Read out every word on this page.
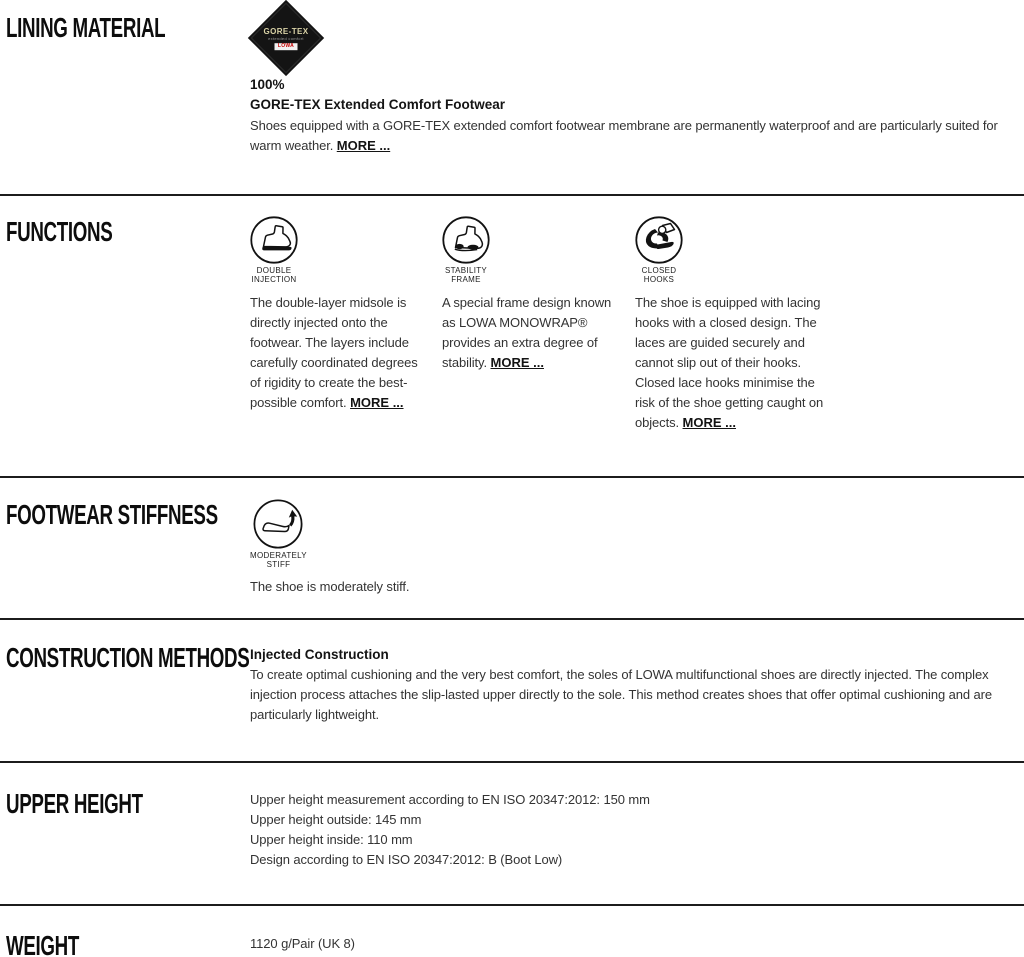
LINING MATERIAL	GORE-TEX
extended comfort
LOWA
100%
GORE-TEX Extended Comfort Footwear

Shoes equipped with a GORE-TEX extended comfort footwear membrane are permanently waterproof and are particularly suited for warm weather. MORE ...

FUNCTIONS
DOUBLE
INJECTION

The double-layer midsole is directly injected onto the footwear. The layers include carefully coordinated degrees of rigidity to create the best-possible comfort. MORE ...

STABILITY
FRAME

A special frame design known as LOWA MONOWRAP® provides an extra degree of stability. MORE ...

CLOSED
HOOKS

The shoe is equipped with lacing hooks with a closed design. The laces are guided securely and cannot slip out of their hooks. Closed lace hooks minimise the risk of the shoe getting caught on objects. MORE ...

FOOTWEAR STIFFNESS
MODERATELY
STIFF

The shoe is moderately stiff.

CONSTRUCTION METHODS Injected Construction

To create optimal cushioning and the very best comfort, the soles of LOWA multifunctional shoes are directly injected. The complex injection process attaches the slip-lasted upper directly to the sole. This method creates shoes that offer optimal cushioning and are particularly lightweight.

UPPER HEIGHT	Upper height measurement according to EN ISO 20347:2012: 150 mm
Upper height outside: 145 mm
Upper height inside: 110 mm
Design according to EN ISO 20347:2012: B (Boot Low)
WEIGHT	1120 g/Pair (UK 8)
